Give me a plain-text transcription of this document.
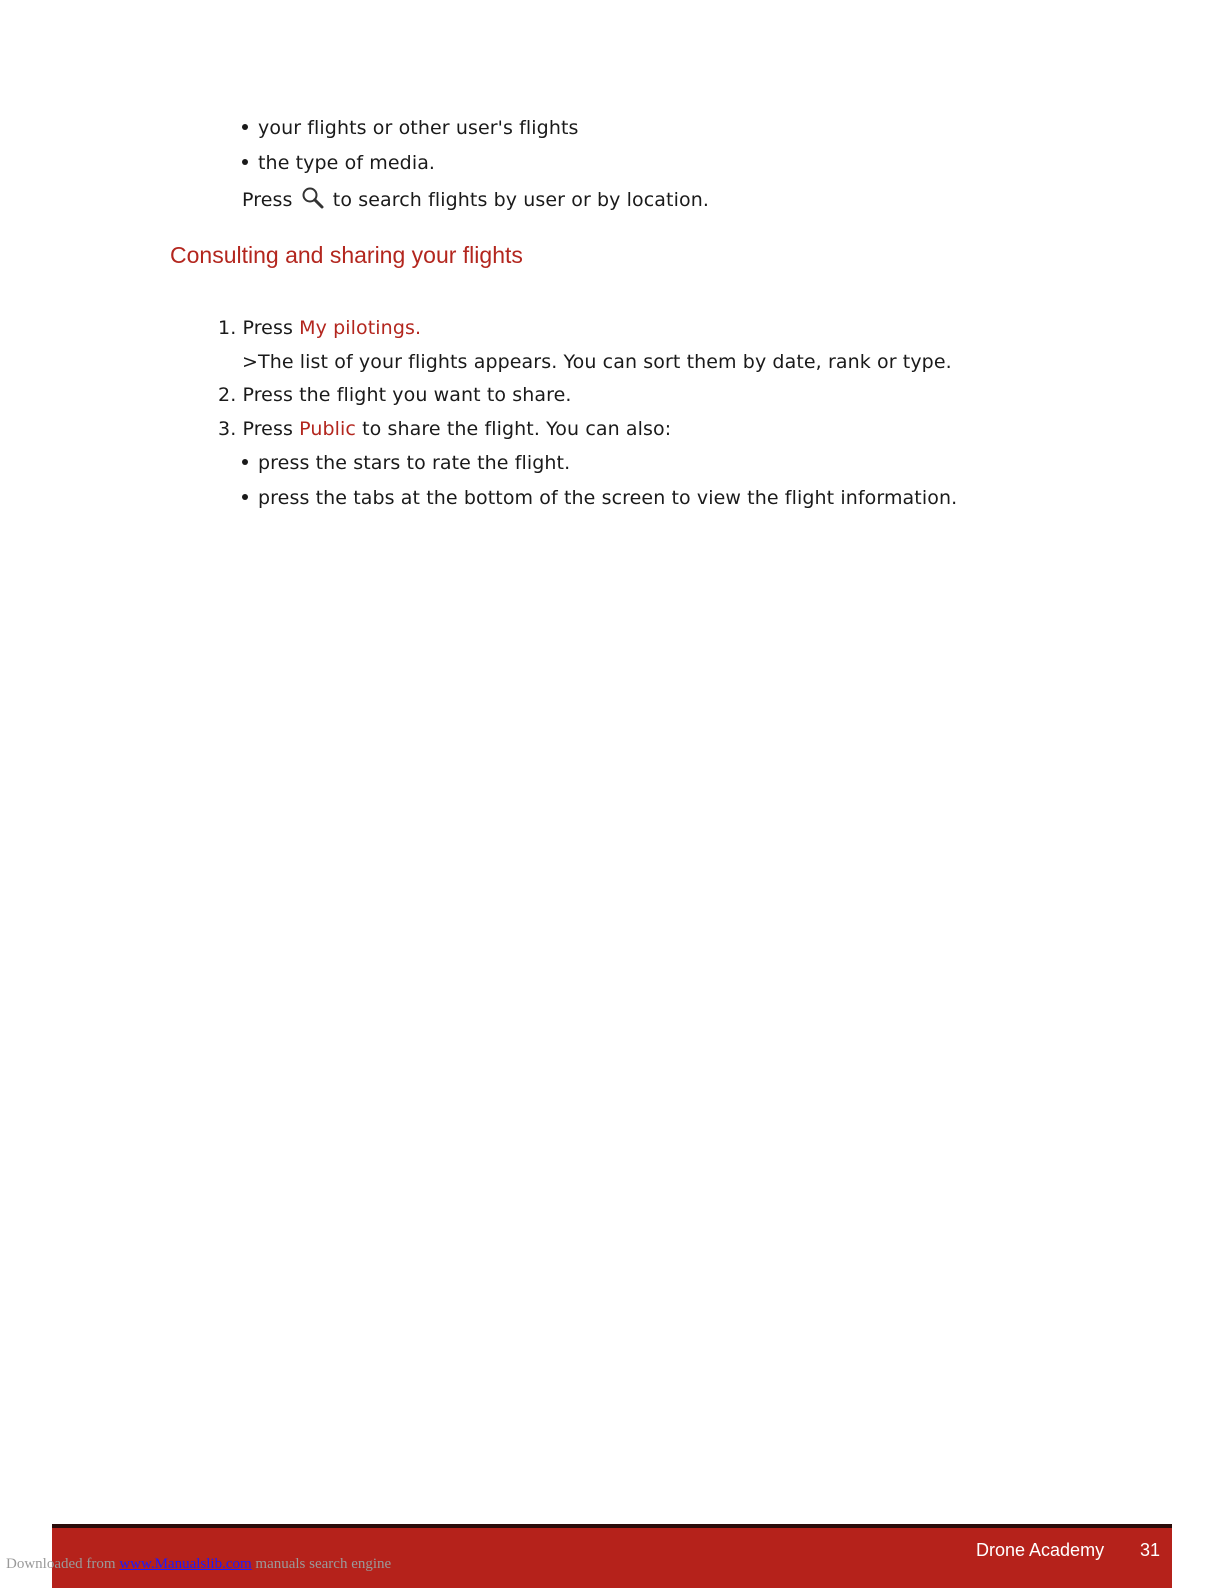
your flights or other user's flights
the type of media.
Press to search flights by user or by location.
Consulting and sharing your flights
1. Press My pilotings.
>The list of your flights appears. You can sort them by date, rank or type.
2. Press the flight you want to share.
3. Press Public to share the flight. You can also:
press the stars to rate the flight.
press the tabs at the bottom of the screen to view the flight information.
Drone Academy 31
Downloaded from www.Manualslib.com manuals search engine
